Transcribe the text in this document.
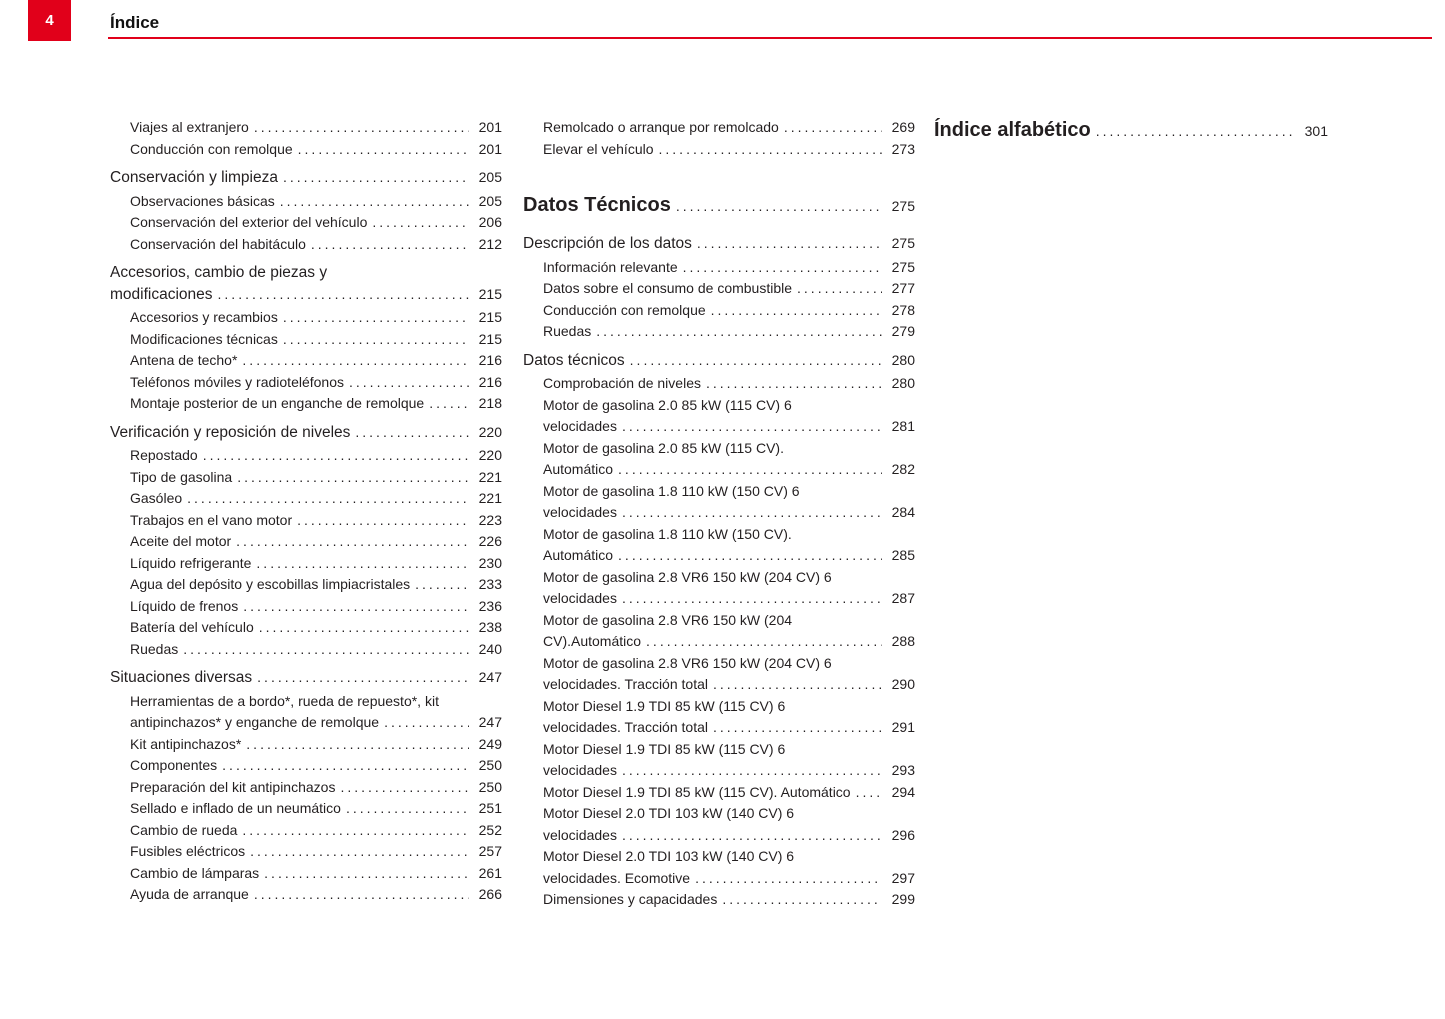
4	Índice
Viajes al extranjero .....	201
Conducción con remolque .....	201
Conservación y limpieza .....	205
Observaciones básicas .....	205
Conservación del exterior del vehículo .....	206
Conservación del habitáculo .....	212
Accesorios, cambio de piezas y
modificaciones .....	215
Accesorios y recambios .....	215
Modificaciones técnicas .....	215
Antena de techo* .....	216
Teléfonos móviles y radioteléfonos .....	216
Montaje posterior de un enganche de remolque .....	218
Verificación y reposición de niveles .....	220
Repostado .....	220
Tipo de gasolina .....	221
Gasóleo .....	221
Trabajos en el vano motor .....	223
Aceite del motor .....	226
Líquido refrigerante .....	230
Agua del depósito y escobillas limpiacristales .....	233
Líquido de frenos .....	236
Batería del vehículo .....	238
Ruedas .....	240
Situaciones diversas .....	247
Herramientas de a bordo*, rueda de repuesto*, kit
antipinchazos* y enganche de remolque .....	247
Kit antipinchazos* .....	249
Componentes .....	250
Preparación del kit antipinchazos .....	250
Sellado e inflado de un neumático .....	251
Cambio de rueda .....	252
Fusibles eléctricos .....	257
Cambio de lámparas .....	261
Ayuda de arranque .....	266
Remolcado o arranque por remolcado .....	269
Elevar el vehículo .....	273
Datos Técnicos .....	275
Descripción de los datos .....	275
Información relevante .....	275
Datos sobre el consumo de combustible .....	277
Conducción con remolque .....	278
Ruedas .....	279
Datos técnicos .....	280
Comprobación de niveles .....	280
Motor de gasolina 2.0 85 kW (115 CV) 6
velocidades .....	281
Motor de gasolina 2.0 85 kW (115 CV).
Automático .....	282
Motor de gasolina 1.8 110 kW (150 CV) 6
velocidades .....	284
Motor de gasolina 1.8 110 kW (150 CV).
Automático .....	285
Motor de gasolina 2.8 VR6 150 kW (204 CV) 6
velocidades .....	287
Motor de gasolina 2.8 VR6 150 kW (204
CV).Automático .....	288
Motor de gasolina 2.8 VR6 150 kW (204 CV) 6
velocidades. Tracción total .....	290
Motor Diesel 1.9 TDI 85 kW (115 CV) 6
velocidades. Tracción total .....	291
Motor Diesel 1.9 TDI 85 kW (115 CV) 6
velocidades .....	293
Motor Diesel 1.9 TDI 85 kW (115 CV). Automático .....	294
Motor Diesel 2.0 TDI 103 kW (140 CV) 6
velocidades .....	296
Motor Diesel 2.0 TDI 103 kW (140 CV) 6
velocidades. Ecomotive .....	297
Dimensiones y capacidades .....	299
Índice alfabético .....	301
